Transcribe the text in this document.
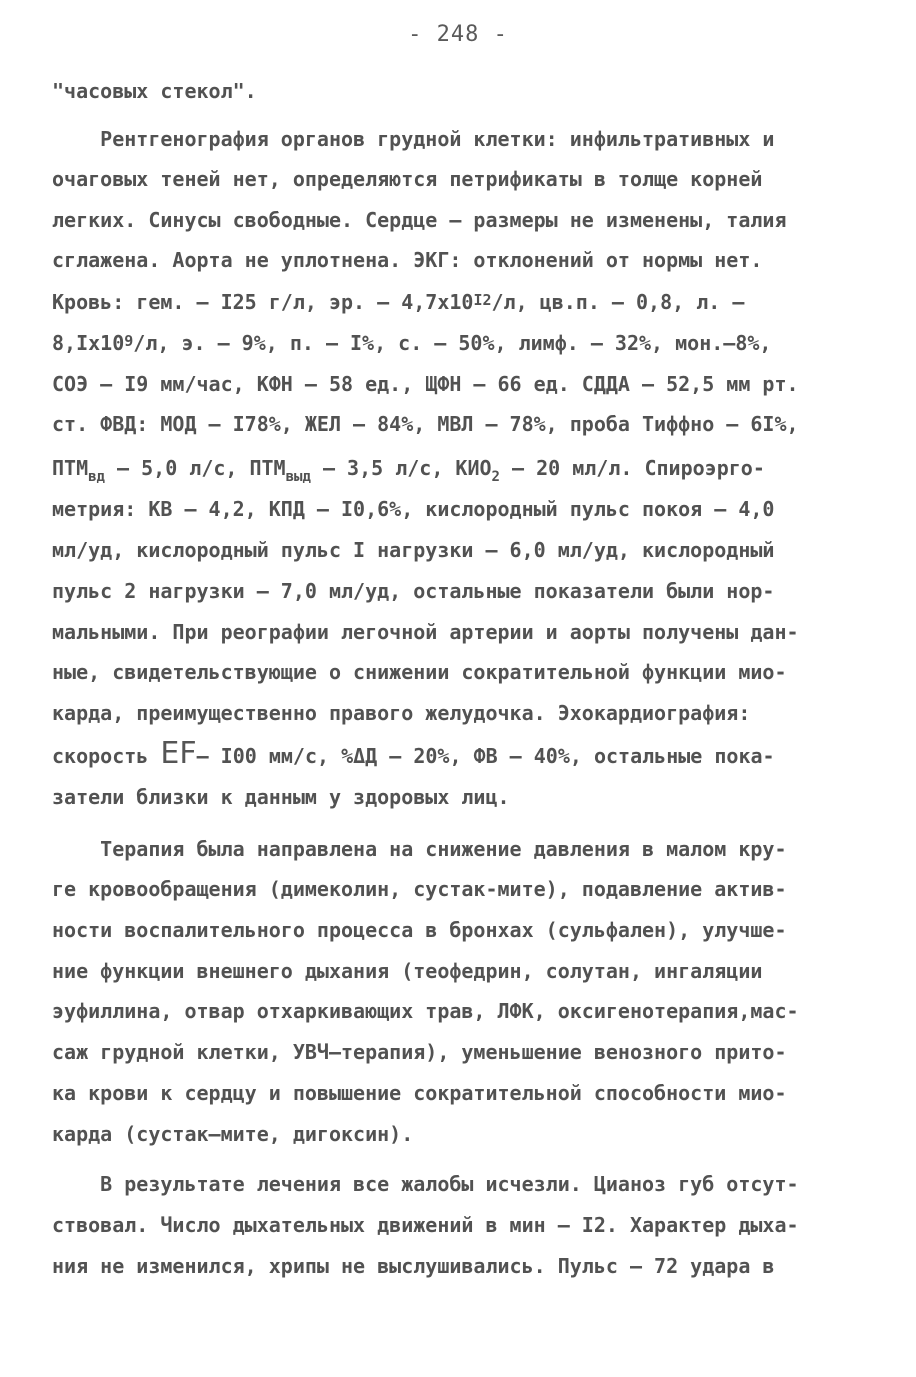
- 248 -
"часовых стекол".
Рентгенография органов грудной клетки: инфильтративных и
очаговых теней нет, определяются петрификаты в толще корней
легких. Синусы свободные. Сердце – размеры не изменены, талия
сглажена. Аорта не уплотнена. ЭКГ: отклонений от нормы нет.
Кровь: гем. – I25 г/л, эр. – $4,7x10^{I2}/л$, цв.п. – 0,8, л. –
$8,Ix10^9/л$, э. – 9%, п. – I%, с. – 50%, лимф. – 32%, мон.–8%,
СОЭ – I9 мм/час, КФН – 58 ед., ЩФН – 66 ед. СДДА – 52,5 мм рт.
ст. ФВД: МОД – I78%, ЖЕЛ – 84%, МВЛ – 78%, проба Тиффно – 6I%,
$ПТМ_{вд} - 5,0$ л/с, $ПТМ_{выд} - 3,5$ л/с, $КИО_2 - 20$ мл/л. Спироэрго-
метрия: КВ – 4,2, КПД – I0,6%, кислородный пульс покоя – 4,0
мл/уд, кислородный пульс I нагрузки – 6,0 мл/уд, кислородный
пульс 2 нагрузки – 7,0 мл/уд, остальные показатели были нор-
мальными. При реографии легочной артерии и аорты получены дан-
ные, свидетельствующие о снижении сократительной функции мио-
карда, преимущественно правого желудочка. Эхокардиография:
скорость EF– I00 мм/с, %ΔД – 20%, ФВ – 40%, остальные пока-
затели близки к данным у здоровых лиц.
Терапия была направлена на снижение давления в малом кру-
ге кровообращения (димеколин, сустак-мите), подавление актив-
ности воспалительного процесса в бронхах (сульфален), улучше-
ние функции внешнего дыхания (теофедрин, солутан, ингаляции
эуфиллина, отвар отхаркивающих трав, ЛФК, оксигенотерапия,мас-
саж грудной клетки, УВЧ–терапия), уменьшение венозного прито-
ка крови к сердцу и повышение сократительной способности мио-
карда (сустак–мите, дигоксин).
В результате лечения все жалобы исчезли. Цианоз губ отсут-
ствовал. Число дыхательных движений в мин – I2. Характер дыха-
ния не изменился, хрипы не выслушивались. Пульс – 72 удара в
